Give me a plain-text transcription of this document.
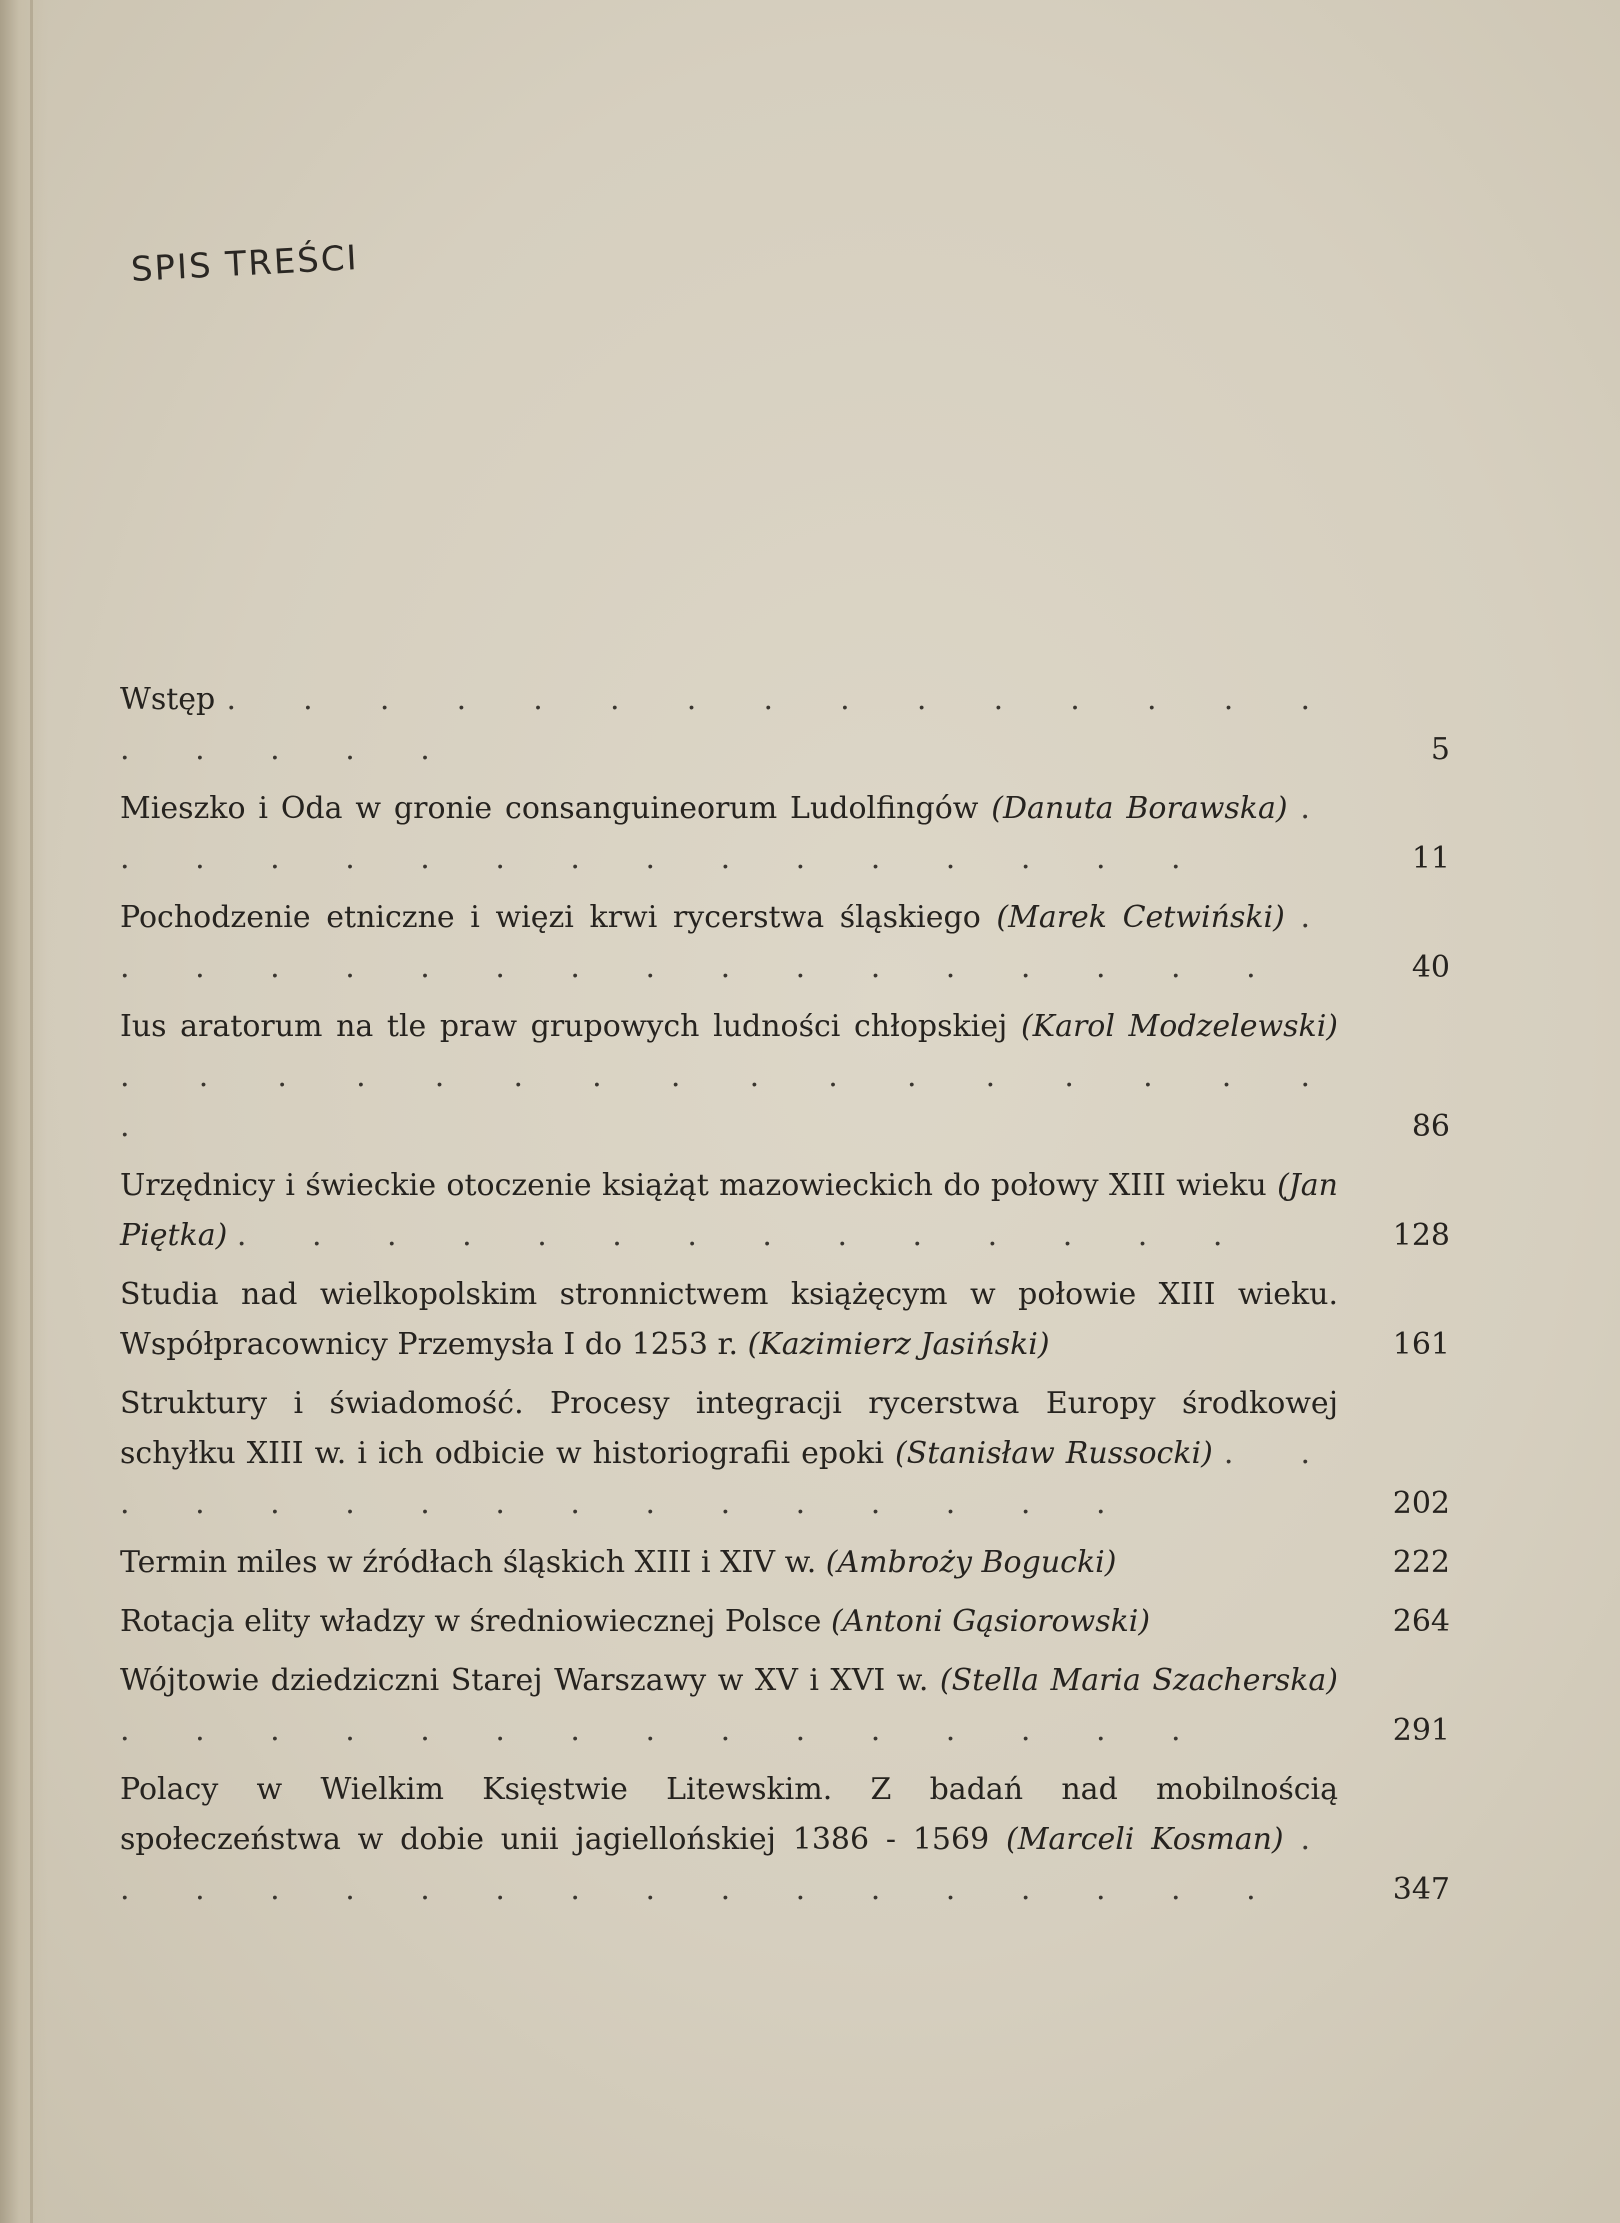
SPIS TREŚCI
Wstęp . . . . . . . . . . . . . . . . . . . .	5
Mieszko i Oda w gronie consanguineorum Ludolfingów (Danuta Borawska) . . . . . . . . . . . . . . . .	11
Pochodzenie etniczne i więzi krwi rycerstwa śląskiego (Marek Cetwiński) . . . . . . . . . . . . . . . . .	40
Ius aratorum na tle praw grupowych ludności chłopskiej (Karol Modzelewski) . . . . . . . . . . . . . . . . .	86
Urzędnicy i świeckie otoczenie książąt mazowieckich do połowy XIII wieku (Jan Piętka) . . . . . . . . . . . . . .	128
Studia nad wielkopolskim stronnictwem książęcym w połowie XIII wieku. Współpracownicy Przemysła I do 1253 r. (Kazimierz Jasiński)	161
Struktury i świadomość. Procesy integracji rycerstwa Europy środkowej schyłku XIII w. i ich odbicie w historiografii epoki (Stanisław Russocki) . . . . . . . . . . . . . . . .	202
Termin miles w źródłach śląskich XIII i XIV w. (Ambroży Bogucki)	222
Rotacja elity władzy w średniowiecznej Polsce (Antoni Gąsiorowski)	264
Wójtowie dziedziczni Starej Warszawy w XV i XVI w. (Stella Maria Szacherska) . . . . . . . . . . . . . . .	291
Polacy w Wielkim Księstwie Litewskim. Z badań nad mobilnością społeczeństwa w dobie unii jagiellońskiej 1386 - 1569 (Marceli Kosman) . . . . . . . . . . . . . . . . .	347
